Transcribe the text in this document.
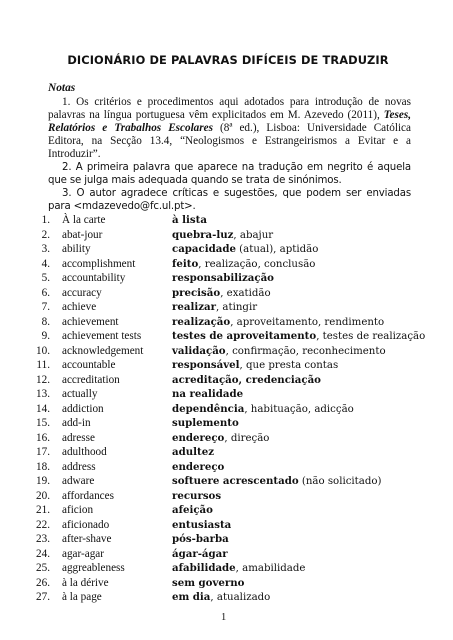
DICIONÁRIO DE PALAVRAS DIFÍCEIS DE TRADUZIR
Notas
1. Os critérios e procedimentos aqui adotados para introdução de novas palavras na língua portuguesa vêm explicitados em M. Azevedo (2011), Teses, Relatórios e Trabalhos Escolares (8ª ed.), Lisboa: Universidade Católica Editora, na Secção 13.4, “Neologismos e Estrangeirismos a Evitar e a Introduzir”.
2. A primeira palavra que aparece na tradução em negrito é aquela que se julga mais adequada quando se trata de sinónimos.
3. O autor agradece críticas e sugestões, que podem ser enviadas para <mdazevedo@fc.ul.pt>.
1. À la carte	à lista
2. abat-jour	quebra-luz, abajur
3. ability	capacidade (atual), aptidão
4. accomplishment	feito, realização, conclusão
5. accountability	responsabilização
6. accuracy	precisão, exatidão
7. achieve	realizar, atingir
8. achievement	realização, aproveitamento, rendimento
9. achievement tests	testes de aproveitamento, testes de realização
10. acknowledgement	validação, confirmação, reconhecimento
11. accountable	responsável, que presta contas
12. accreditation	acreditação, credenciação
13. actually	na realidade
14. addiction	dependência, habituação, adicção
15. add-in	suplemento
16. adresse	endereço, direção
17. adulthood	adultez
18. address	endereço
19. adware	softuere acrescentado (não solicitado)
20. affordances	recursos
21. aficion	afeição
22. aficionado	entusiasta
23. after-shave	pós-barba
24. agar-agar	ágar-ágar
25. aggreableness	afabilidade, amabilidade
26. à la dérive	sem governo
27. à la page	em dia, atualizado
1
